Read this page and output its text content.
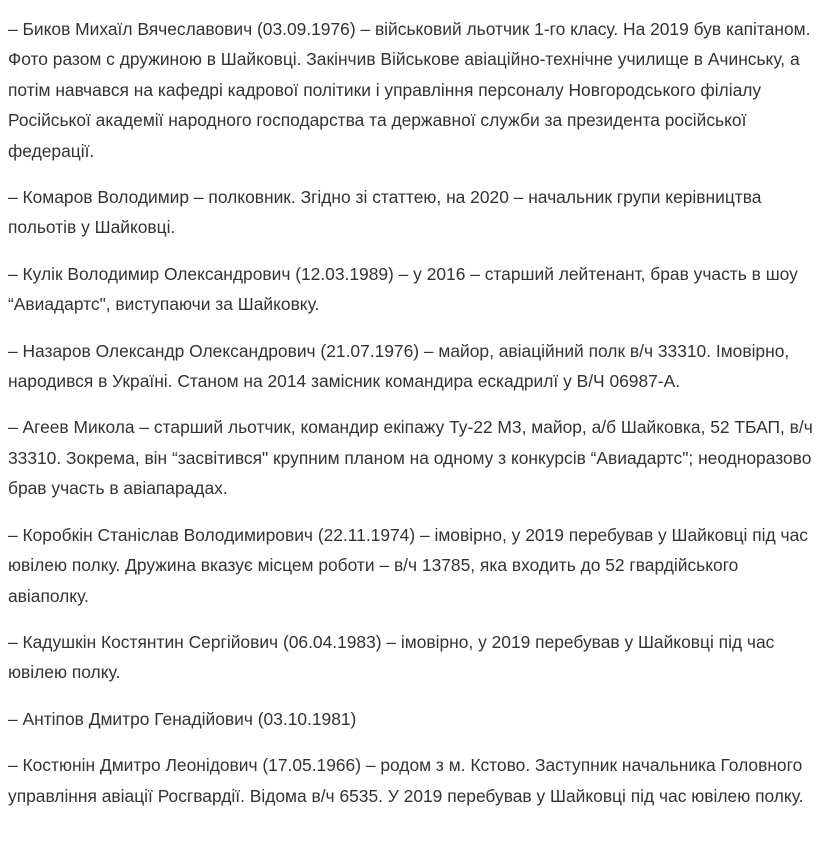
– Биков Михаїл Вячеславович (03.09.1976) – військовий льотчик 1-го класу. На 2019 був капітаном. Фото разом с дружиною в Шайковці. Закінчив Військове авіаційно-технічне училище в Ачинську, а потім навчався на кафедрі кадрової політики і управління персоналу Новгородського філіалу Російської академії народного господарства та державної служби за президента російської федерації.

– Комаров Володимир – полковник. Згідно зі статтею, на 2020 – начальник групи керівництва польотів у Шайковці.

– Кулік Володимир Олександрович (12.03.1989) – у 2016 – старший лейтенант, брав участь в шоу “Авиадартс", виступаючи за Шайковку.

– Назаров Олександр Олександрович (21.07.1976) – майор, авіаційний полк в/ч 33310. Імовірно, народився в Україні. Станом на 2014 замісник командира ескадрилї у В/Ч 06987-А.

– Агеев Микола – старший льотчик, командир екіпажу Ту-22 М3, майор, а/б Шайковка, 52 ТБАП, в/ч 33310. Зокрема, він “засвітився" крупним планом на одному з конкурсів “Авиадартс"; неодноразово брав участь в авіапарадах.

– Коробкін Станіслав Володимирович (22.11.1974) – імовірно, у 2019 перебував у Шайковці під час ювілею полку. Дружина вказує місцем роботи – в/ч 13785, яка входить до 52 гвардійського авіаполку.

– Кадушкін Костянтин Сергійович (06.04.1983) – імовірно, у 2019 перебував у Шайковці під час ювілею полку.

– Антіпов Дмитро Генадійович (03.10.1981)

– Костюнін Дмитро Леонідович (17.05.1966) – родом з м. Кстово. Заступник начальника Головного управління авіації Росгвардії. Відома в/ч 6535. У 2019 перебував у Шайковці під час ювілею полку.
